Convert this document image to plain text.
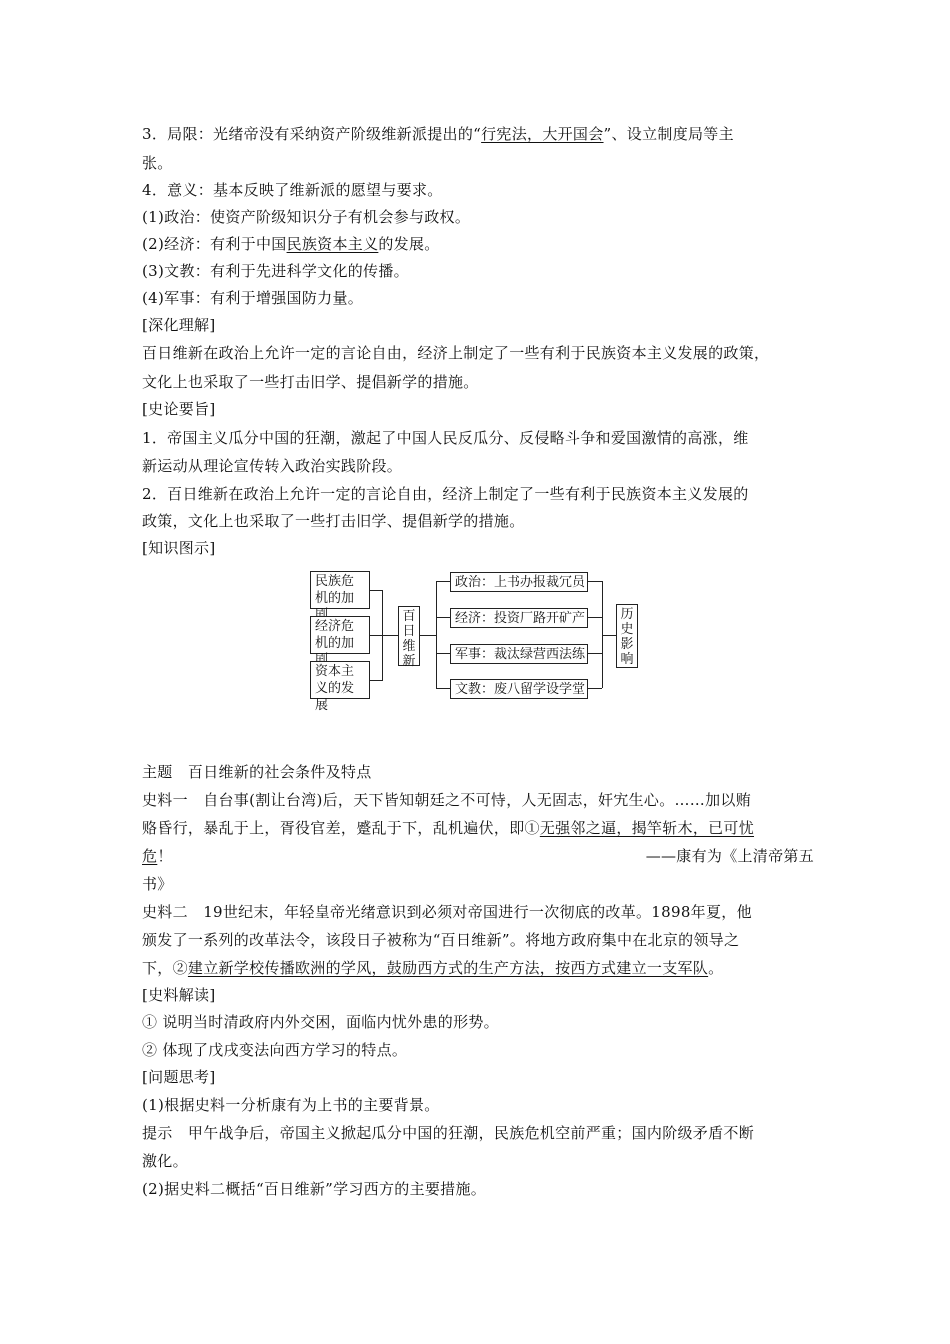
3．局限：光绪帝没有采纳资产阶级维新派提出的“行宪法，大开国会”、设立制度局等主
张。
4．意义：基本反映了维新派的愿望与要求。
(1)政治：使资产阶级知识分子有机会参与政权。
(2)经济：有利于中国民族资本主义的发展。
(3)文教：有利于先进科学文化的传播。
(4)军事：有利于增强国防力量。
[深化理解]
百日维新在政治上允许一定的言论自由，经济上制定了一些有利于民族资本主义发展的政策，
文化上也采取了一些打击旧学、提倡新学的措施。
[史论要旨]
1．帝国主义瓜分中国的狂潮，激起了中国人民反瓜分、反侵略斗争和爱国激情的高涨，维
新运动从理论宣传转入政治实践阶段。
2．百日维新在政治上允许一定的言论自由，经济上制定了一些有利于民族资本主义发展的
政策，文化上也采取了一些打击旧学、提倡新学的措施。
[知识图示]
民族危机的加
经济危机的加
资本主义的发展
百日维新
政治：上书办报裁冗员
经济：投资厂路开矿产
军事：裁汰绿营西法练
文教：废八留学设学堂
历史影响
主题　百日维新的社会条件及特点
史料一　自台事(割让台湾)后，天下皆知朝廷之不可恃，人无固志，奸宄生心。……加以贿
赂昏行，暴乱于上，胥役官差，蹙乱于下，乱机遍伏，即①无强邻之逼，揭竿斩木，已可忧
危！	——康有为《上清帝第五
书》
史料二　19世纪末，年轻皇帝光绪意识到必须对帝国进行一次彻底的改革。1898年夏，他
颁发了一系列的改革法令，该段日子被称为“百日维新”。将地方政府集中在北京的领导之
下，②建立新学校传播欧洲的学风，鼓励西方式的生产方法，按西方式建立一支军队。
[史料解读]
① 说明当时清政府内外交困，面临内忧外患的形势。
② 体现了戊戌变法向西方学习的特点。
[问题思考]
(1)根据史料一分析康有为上书的主要背景。
提示　甲午战争后，帝国主义掀起瓜分中国的狂潮，民族危机空前严重；国内阶级矛盾不断
激化。
(2)据史料二概括“百日维新”学习西方的主要措施。
